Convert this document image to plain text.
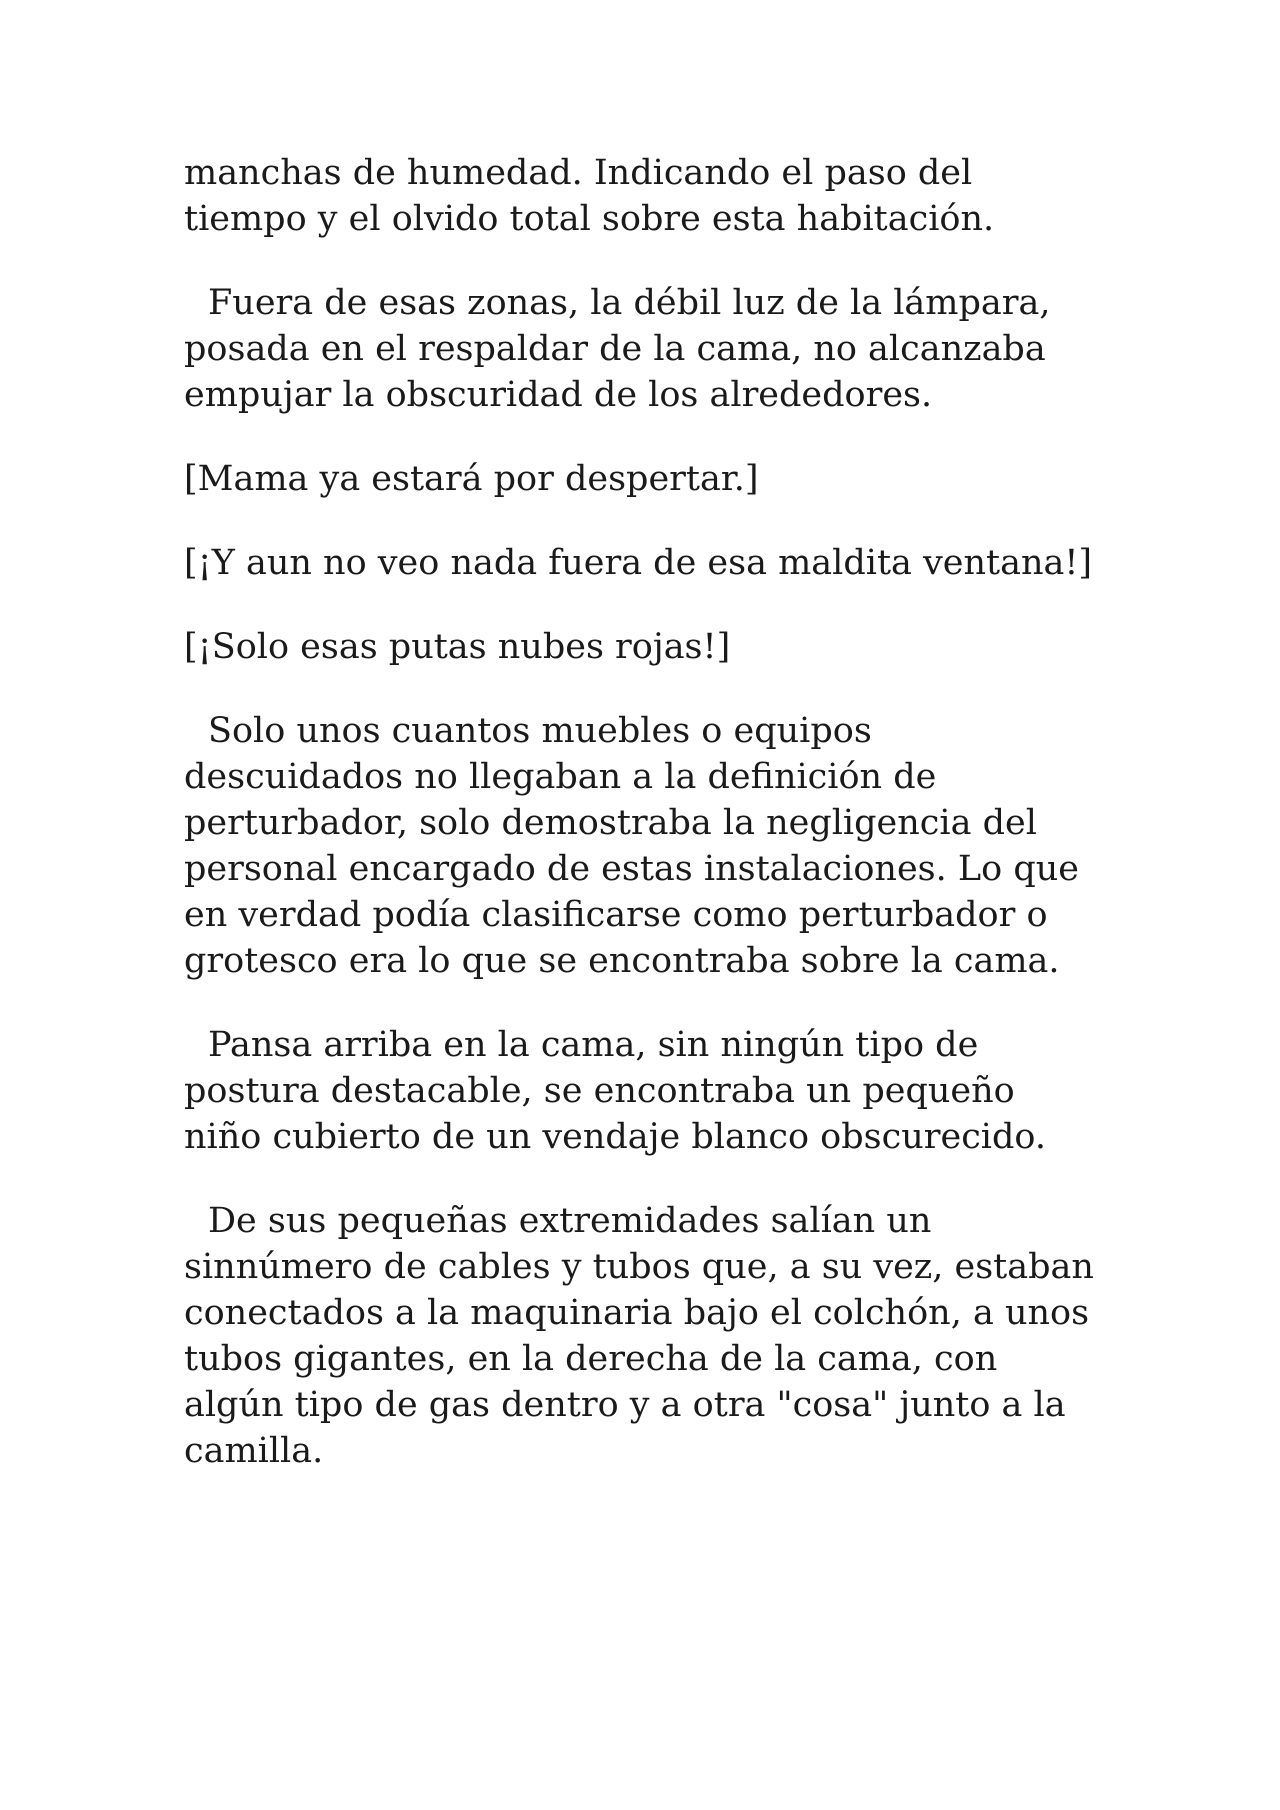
manchas de humedad. Indicando el paso del tiempo y el olvido total sobre esta habitación.

Fuera de esas zonas, la débil luz de la lámpara, posada en el respaldar de la cama, no alcanzaba empujar la obscuridad de los alrededores.

[Mama ya estará por despertar.]

[¡Y aun no veo nada fuera de esa maldita ventana!]

[¡Solo esas putas nubes rojas!]

Solo unos cuantos muebles o equipos descuidados no llegaban a la definición de perturbador, solo demostraba la negligencia del personal encargado de estas instalaciones. Lo que en verdad podía clasificarse como perturbador o grotesco era lo que se encontraba sobre la cama.

Pansa arriba en la cama, sin ningún tipo de postura destacable, se encontraba un pequeño niño cubierto de un vendaje blanco obscurecido.

De sus pequeñas extremidades salían un sinnúmero de cables y tubos que, a su vez, estaban conectados a la maquinaria bajo el colchón, a unos tubos gigantes, en la derecha de la cama, con algún tipo de gas dentro y a otra "cosa" junto a la camilla.
